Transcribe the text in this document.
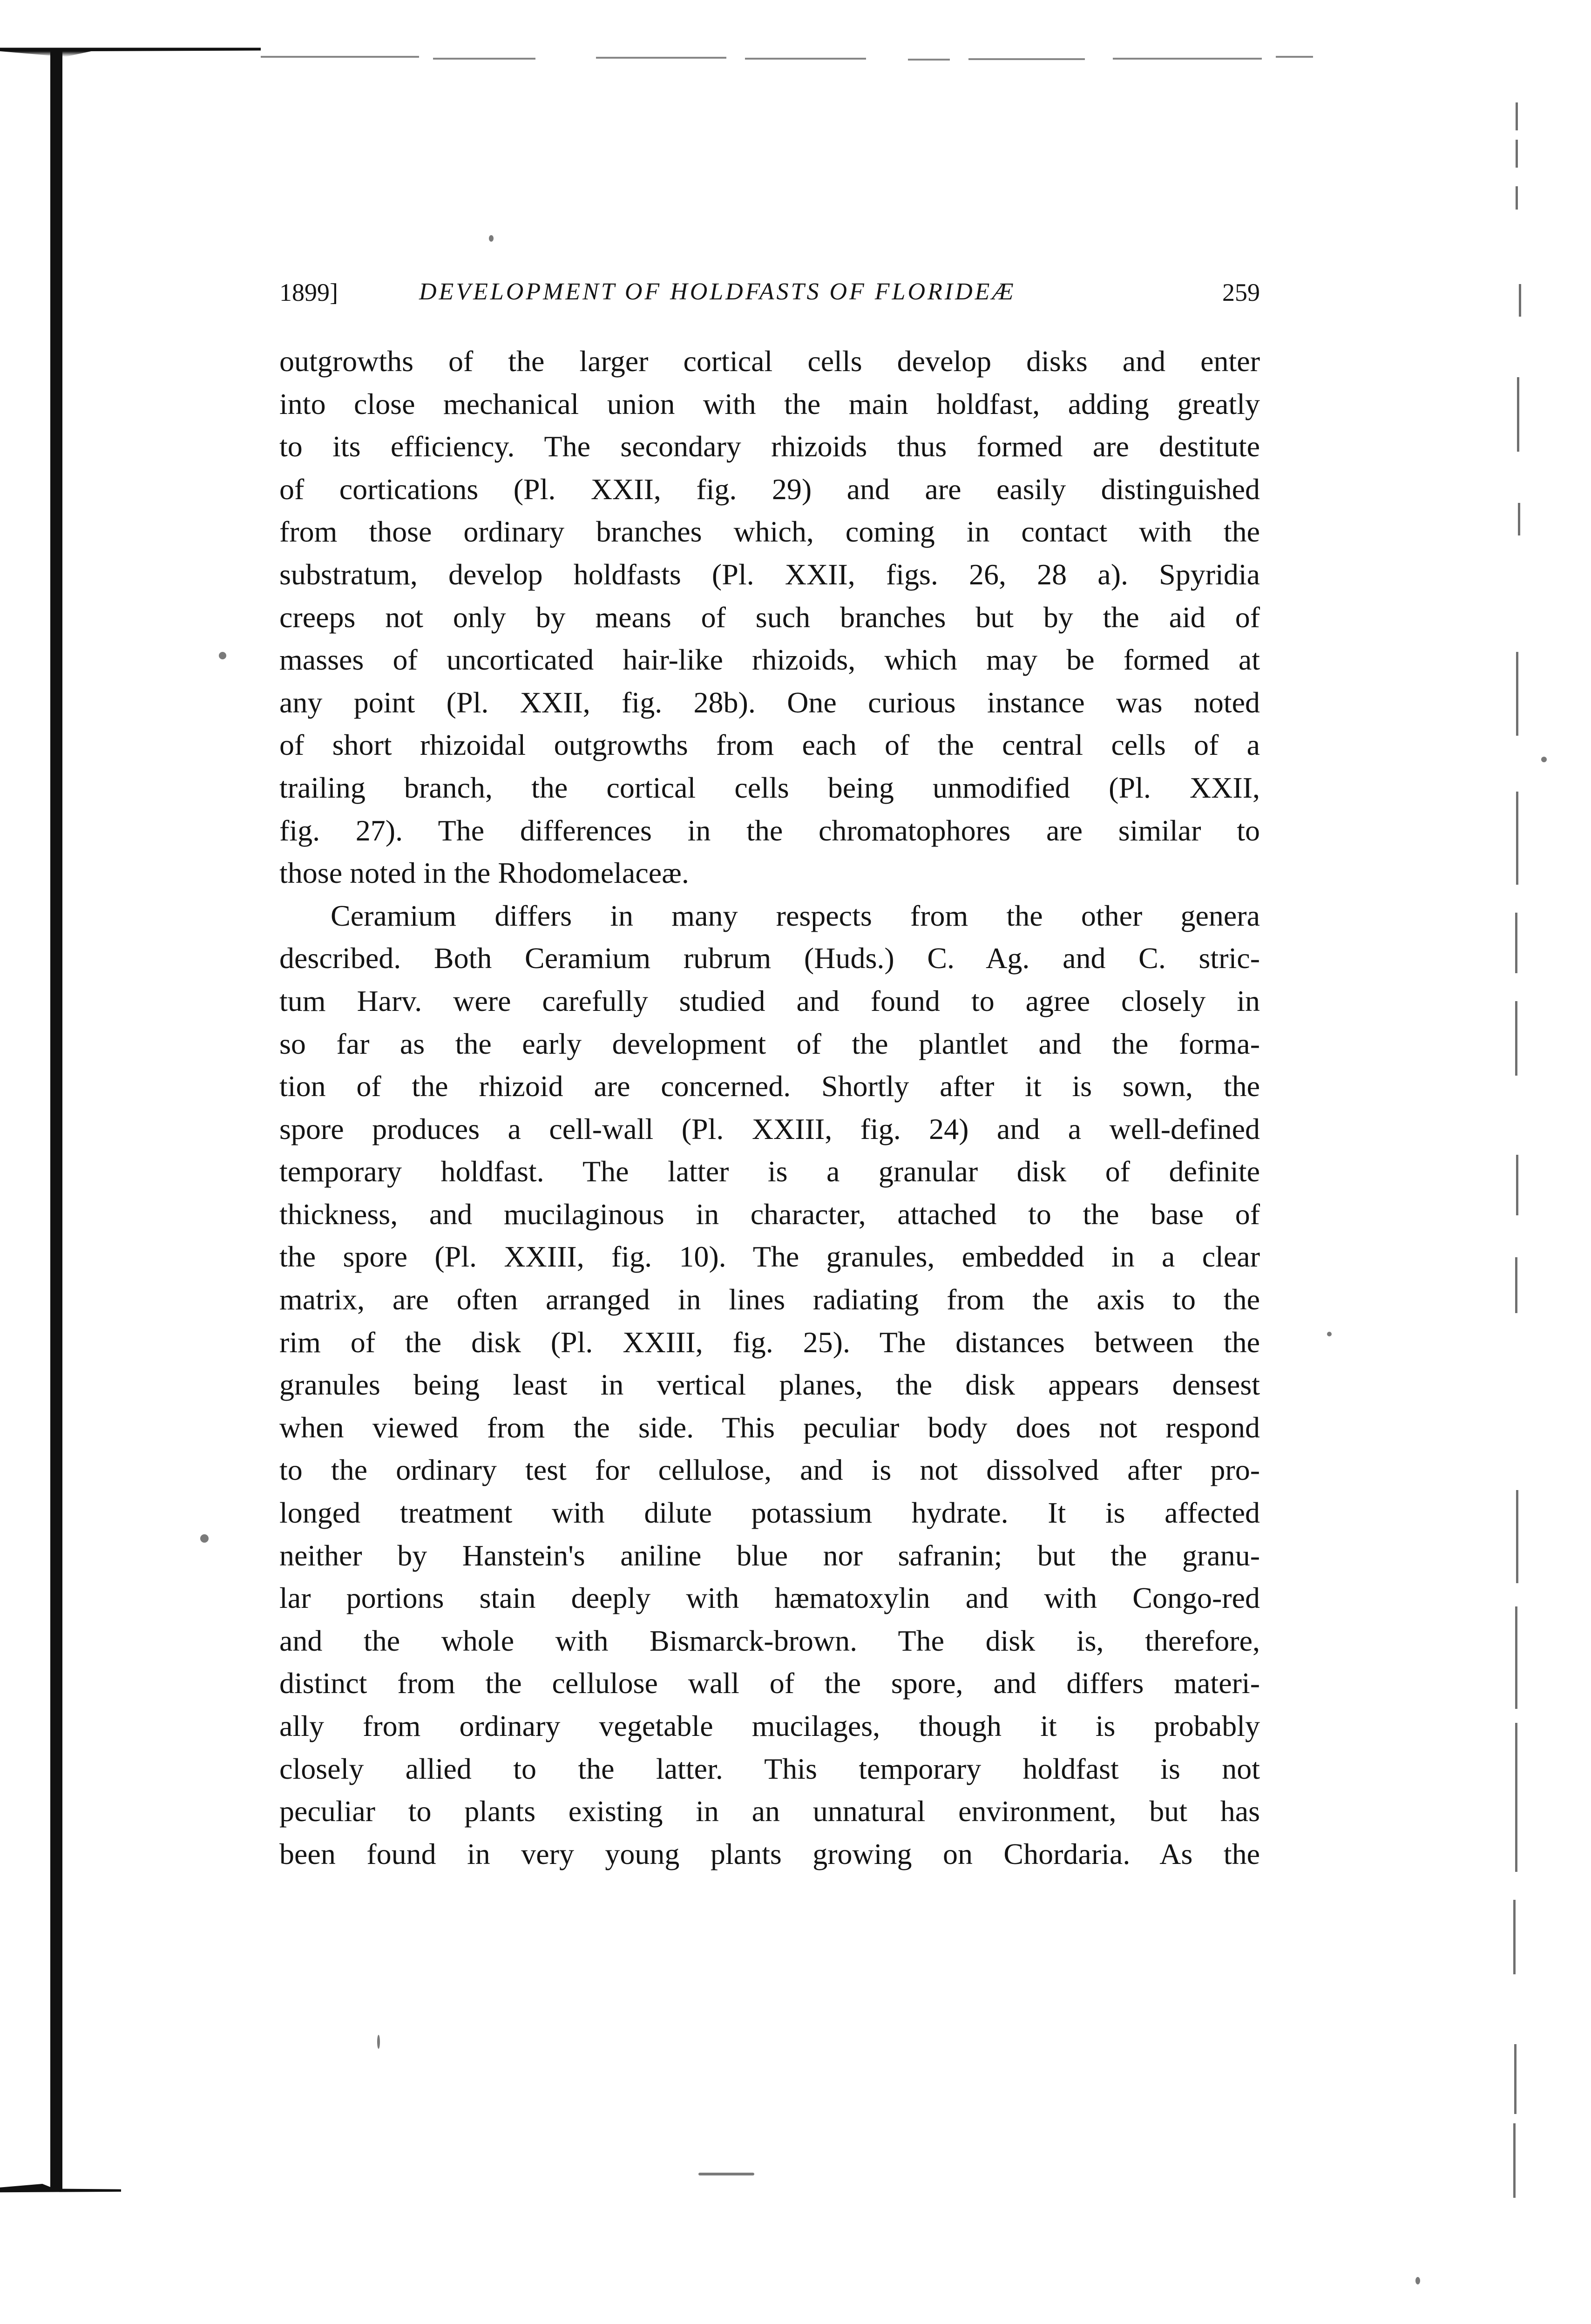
1899]	DEVELOPMENT OF HOLDFASTS OF FLORIDEÆ	259
outgrowths of the larger cortical cells develop disks and enter
into close mechanical union with the main holdfast, adding greatly
to its efficiency. The secondary rhizoids thus formed are destitute
of cortications (Pl. XXII, fig. 29) and are easily distinguished
from those ordinary branches which, coming in contact with the
substratum, develop holdfasts (Pl. XXII, figs. 26, 28 a). Spyridia
creeps not only by means of such branches but by the aid of
masses of uncorticated hair-like rhizoids, which may be formed at
any point (Pl. XXII, fig. 28b). One curious instance was noted
of short rhizoidal outgrowths from each of the central cells of a
trailing branch, the cortical cells being unmodified (Pl. XXII,
fig. 27). The differences in the chromatophores are similar to
those noted in the Rhodomelaceæ.
Ceramium differs in many respects from the other genera
described. Both Ceramium rubrum (Huds.) C. Ag. and C. stric-
tum Harv. were carefully studied and found to agree closely in
so far as the early development of the plantlet and the forma-
tion of the rhizoid are concerned. Shortly after it is sown, the
spore produces a cell-wall (Pl. XXIII, fig. 24) and a well-defined
temporary holdfast. The latter is a granular disk of definite
thickness, and mucilaginous in character, attached to the base of
the spore (Pl. XXIII, fig. 10). The granules, embedded in a clear
matrix, are often arranged in lines radiating from the axis to the
rim of the disk (Pl. XXIII, fig. 25). The distances between the
granules being least in vertical planes, the disk appears densest
when viewed from the side. This peculiar body does not respond
to the ordinary test for cellulose, and is not dissolved after pro-
longed treatment with dilute potassium hydrate. It is affected
neither by Hanstein's aniline blue nor safranin; but the granu-
lar portions stain deeply with hæmatoxylin and with Congo-red
and the whole with Bismarck-brown. The disk is, therefore,
distinct from the cellulose wall of the spore, and differs materi-
ally from ordinary vegetable mucilages, though it is probably
closely allied to the latter. This temporary holdfast is not
peculiar to plants existing in an unnatural environment, but has
been found in very young plants growing on Chordaria. As the
